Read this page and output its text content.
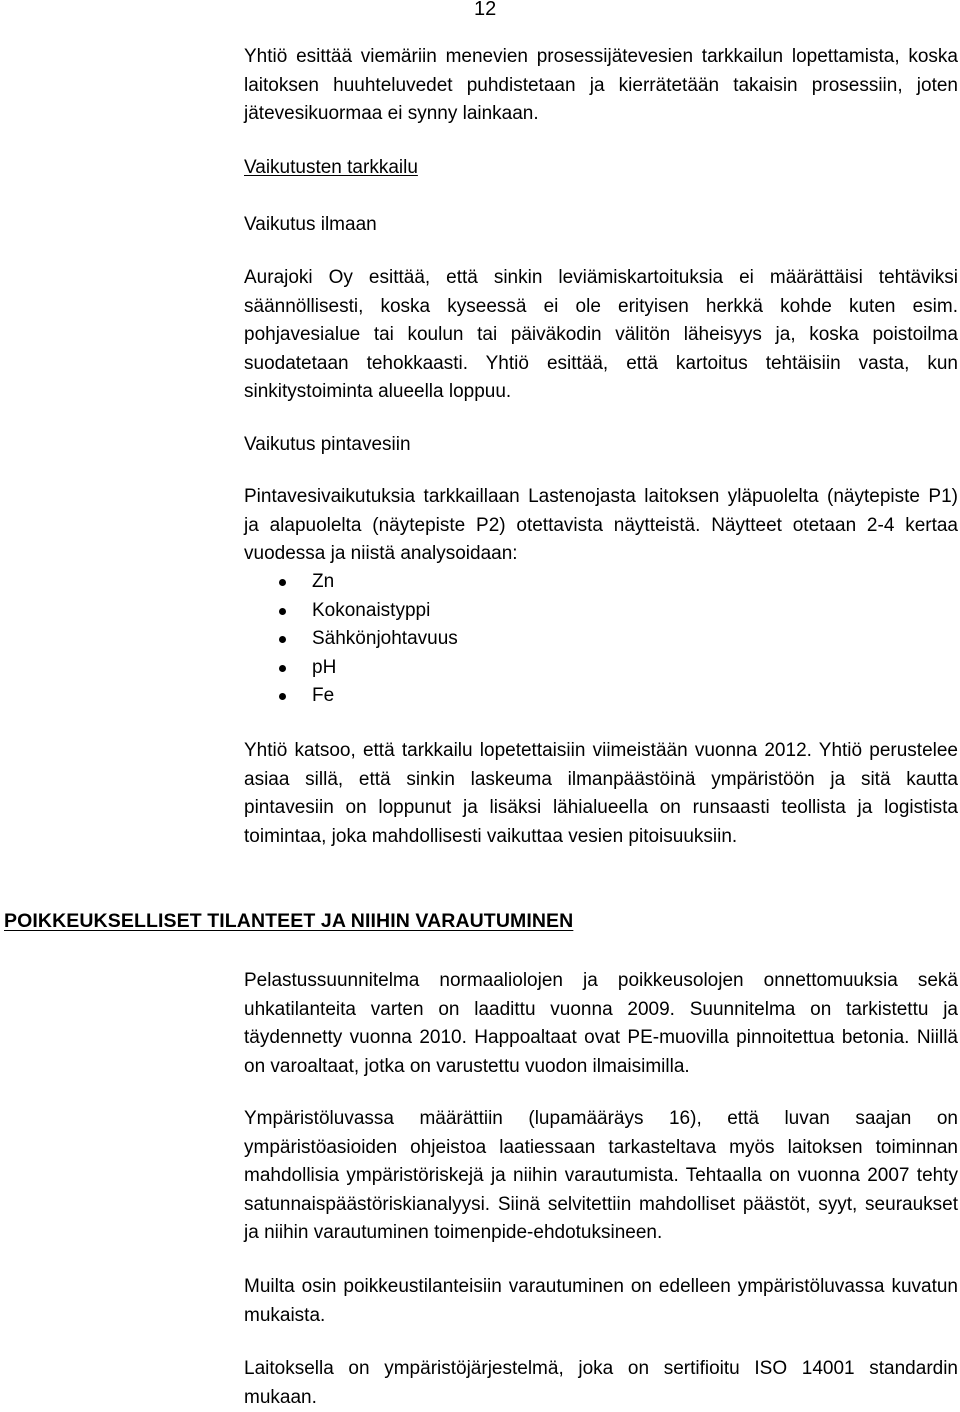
12

Yhtiö esittää viemäriin menevien prosessijätevesien tarkkailun lopettamista, koska laitoksen huuhteluvedet puhdistetaan ja kierrätetään takaisin prosessiin, joten jätevesikuormaa ei synny lainkaan.

Vaikutusten tarkkailu

Vaikutus ilmaan

Aurajoki Oy esittää, että sinkin leviämiskartoituksia ei määrättäisi tehtäviksi säännöllisesti, koska kyseessä ei ole erityisen herkkä kohde kuten esim. pohjavesialue tai koulun tai päiväkodin välitön läheisyys ja, koska poistoilma suodatetaan tehokkaasti. Yhtiö esittää, että kartoitus tehtäisiin vasta, kun sinkitystoiminta alueella loppuu.

Vaikutus pintavesiin

Pintavesivaikutuksia tarkkaillaan Lastenojasta laitoksen yläpuolelta (näytepiste P1) ja alapuolelta (näytepiste P2) otettavista näytteistä. Näytteet otetaan 2-4 kertaa vuodessa ja niistä analysoidaan:

Zn
Kokonaistyppi
Sähkönjohtavuus
pH
Fe

Yhtiö katsoo, että tarkkailu lopetettaisiin viimeistään vuonna 2012. Yhtiö perustelee asiaa sillä, että sinkin laskeuma ilmanpäästöinä ympäristöön ja sitä kautta pintavesiin on loppunut ja lisäksi lähialueella on runsaasti teollista ja logistista toimintaa, joka mahdollisesti vaikuttaa vesien pitoisuuksiin.

POIKKEUKSELLISET TILANTEET JA NIIHIN VARAUTUMINEN

Pelastussuunnitelma normaaliolojen ja poikkeusolojen onnettomuuksia sekä uhkatilanteita varten on laadittu vuonna 2009. Suunnitelma on tarkistettu ja täydennetty vuonna 2010. Happoaltaat ovat PE-muovilla pinnoitettua betonia. Niillä on varoaltaat, jotka on varustettu vuodon ilmaisimilla.

Ympäristöluvassa määrättiin (lupamääräys 16), että luvan saajan on ympäristöasioiden ohjeistoa laatiessaan tarkasteltava myös laitoksen toiminnan mahdollisia ympäristöriskejä ja niihin varautumista. Tehtaalla on vuonna 2007 tehty satunnaispäästöriskianalyysi. Siinä selvitettiin mahdolliset päästöt, syyt, seuraukset ja niihin varautuminen toimenpide-ehdotuksineen.

Muilta osin poikkeustilanteisiin varautuminen on edelleen ympäristöluvassa kuvatun mukaista.

Laitoksella on ympäristöjärjestelmä, joka on sertifioitu ISO 14001 standardin mukaan.
